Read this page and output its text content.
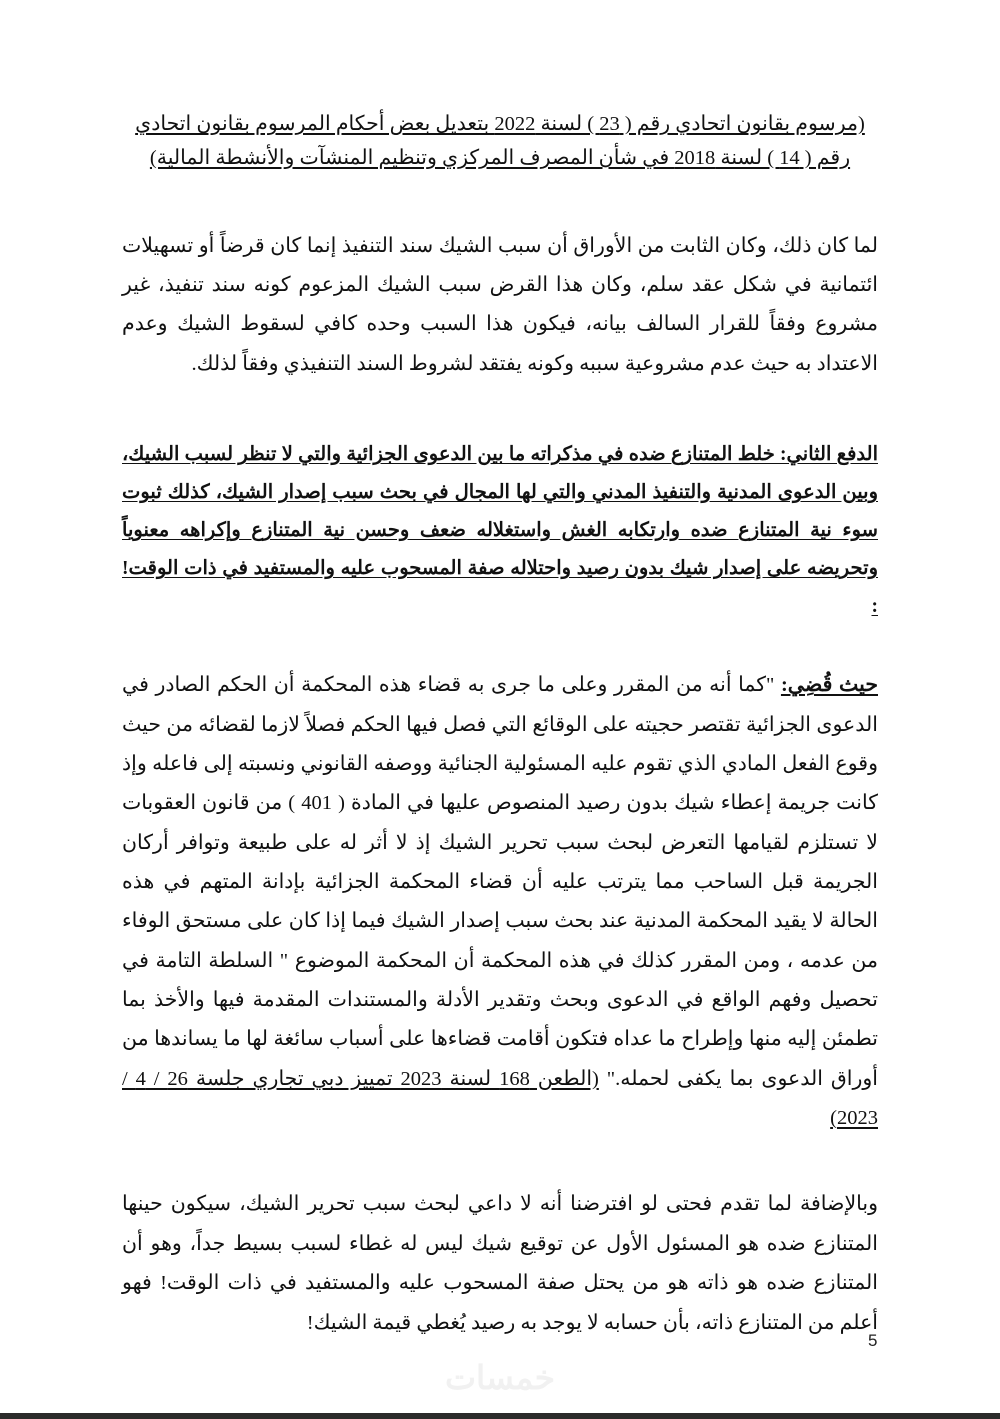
(مرسوم بقانون اتحادي رقم ( 23 ) لسنة 2022 بتعديل بعض أحكام المرسوم بقانون اتحادي رقم ( 14 ) لسنة 2018 في شأن المصرف المركزي وتنظيم المنشآت والأنشطة المالية)

لما كان ذلك، وكان الثابت من الأوراق أن سبب الشيك سند التنفيذ إنما كان قرضاً أو تسهيلات ائتمانية في شكل عقد سلم، وكان هذا القرض سبب الشيك المزعوم كونه سند تنفيذ، غير مشروع وفقاً للقرار السالف بيانه، فيكون هذا السبب وحده كافي لسقوط الشيك وعدم الاعتداد به حيث عدم مشروعية سببه وكونه يفتقد لشروط السند التنفيذي وفقاً لذلك.

الدفع الثاني: خلط المتنازع ضده في مذكراته ما بين الدعوى الجزائية والتي لا تنظر لسبب الشيك، وبين الدعوى المدنية والتنفيذ المدني والتي لها المجال في بحث سبب إصدار الشيك، كذلك ثبوت سوء نية المتنازع ضده وارتكابه الغش واستغلاله ضعف وحسن نية المتنازع وإكراهه معنوياً وتحريضه على إصدار شيك بدون رصيد واحتلاله صفة المسحوب عليه والمستفيد في ذات الوقت! :

حيث قُضِي: "كما أنه من المقرر وعلى ما جرى به قضاء هذه المحكمة أن الحكم الصادر في الدعوى الجزائية تقتصر حجيته على الوقائع التي فصل فيها الحكم فصلاً لازما لقضائه من حيث وقوع الفعل المادي الذي تقوم عليه المسئولية الجنائية ووصفه القانوني ونسبته إلى فاعله وإذ كانت جريمة إعطاء شيك بدون رصيد المنصوص عليها في المادة ( 401 ) من قانون العقوبات لا تستلزم لقيامها التعرض لبحث سبب تحرير الشيك إذ لا أثر له على طبيعة وتوافر أركان الجريمة قبل الساحب مما يترتب عليه أن قضاء المحكمة الجزائية بإدانة المتهم في هذه الحالة لا يقيد المحكمة المدنية عند بحث سبب إصدار الشيك فيما إذا كان على مستحق الوفاء من عدمه ، ومن المقرر كذلك في هذه المحكمة أن المحكمة الموضوع " السلطة التامة في تحصيل وفهم الواقع في الدعوى وبحث وتقدير الأدلة والمستندات المقدمة فيها والأخذ بما تطمئن إليه منها وإطراح ما عداه فتكون أقامت قضاءها على أسباب سائغة لها ما يساندها من أوراق الدعوى بما يكفى لحمله." (الطعن 168 لسنة 2023 تمييز دبي تجاري جلسة 26 / 4 / 2023)

وبالإضافة لما تقدم فحتى لو افترضنا أنه لا داعي لبحث سبب تحرير الشيك، سيكون حينها المتنازع ضده هو المسئول الأول عن توقيع شيك ليس له غطاء لسبب بسيط جداً، وهو أن المتنازع ضده هو ذاته هو من يحتل صفة المسحوب عليه والمستفيد في ذات الوقت! فهو أعلم من المتنازع ذاته، بأن حسابه لا يوجد به رصيد يُغطي قيمة الشيك!

5
خمسات
